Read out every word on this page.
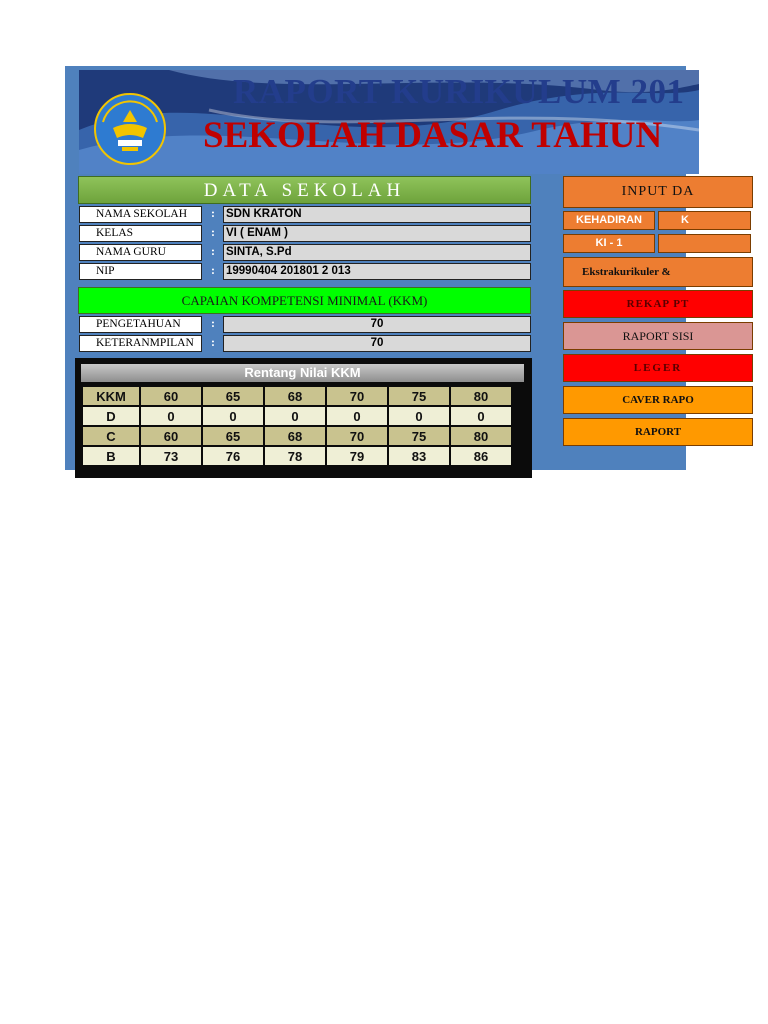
RAPORT KURIKULUM 201
SEKOLAH DASAR TAHUN
DATA SEKOLAH
NAMA SEKOLAH	: SDN KRATON
KELAS	: VI ( ENAM )
NAMA GURU	: SINTA, S.Pd
NIP	: 19990404 201801 2 013
CAPAIAN KOMPETENSI MINIMAL (KKM)
PENGETAHUAN	:	70
KETERANMPILAN	:	70
Rentang Nilai KKM
KKM	60	65	68	70	75	80
D	0	0	0	0	0	0
C	60	65	68	70	75	80
B	73	76	78	79	83	86
INPUT DA
KEHADIRAN	K
KI - 1
Ekstrakurikuler &
REKAP PT
RAPORT SISI
LEGER
CAVER RAPO
RAPORT
